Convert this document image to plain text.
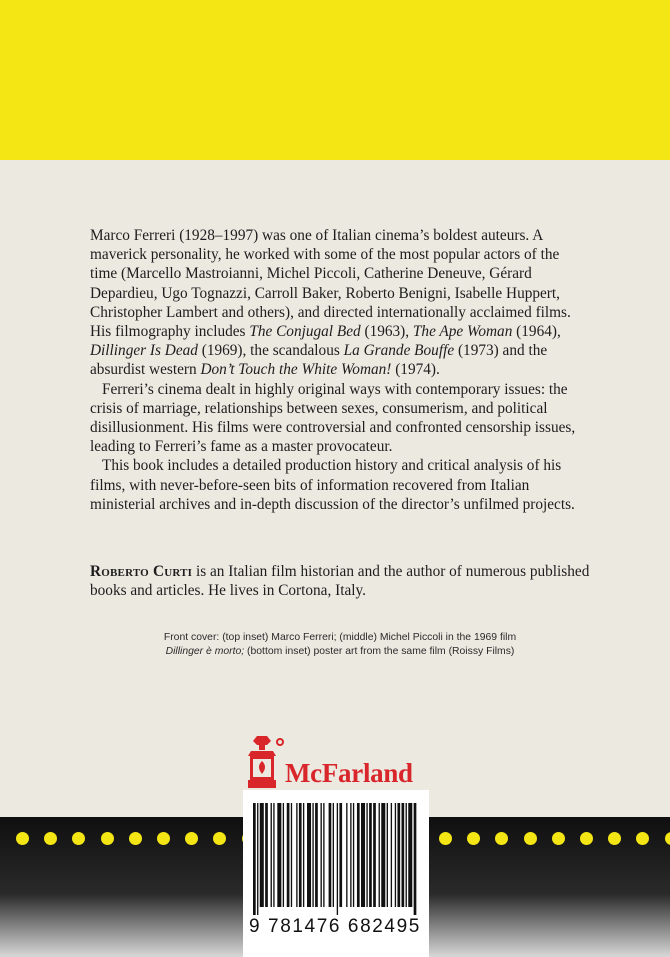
Marco Ferreri (1928–1997) was one of Italian cinema’s boldest auteurs. A maverick personality, he worked with some of the most popular actors of the time (Marcello Mastroianni, Michel Piccoli, Catherine Deneuve, Gérard Depardieu, Ugo Tognazzi, Carroll Baker, Roberto Benigni, Isabelle Huppert, Christopher Lambert and others), and directed internationally acclaimed films. His filmography includes The Conjugal Bed (1963), The Ape Woman (1964), Dillinger Is Dead (1969), the scandalous La Grande Bouffe (1973) and the absurdist western Don’t Touch the White Woman! (1974).

Ferreri’s cinema dealt in highly original ways with contemporary issues: the crisis of marriage, relationships between sexes, consumerism, and political disillusionment. His films were controversial and confronted censorship issues, leading to Ferreri’s fame as a master provocateur.

This book includes a detailed production history and critical analysis of his films, with never-before-seen bits of information recovered from Italian ministerial archives and in-depth discussion of the director’s unfilmed projects.

Roberto Curti is an Italian film historian and the author of numerous published books and articles. He lives in Cortona, Italy.

Front cover: (top inset) Marco Ferreri; (middle) Michel Piccoli in the 1969 film

Dillinger è morto; (bottom inset) poster art from the same film (Roissy Films)

McFarland
9 781476 682495
